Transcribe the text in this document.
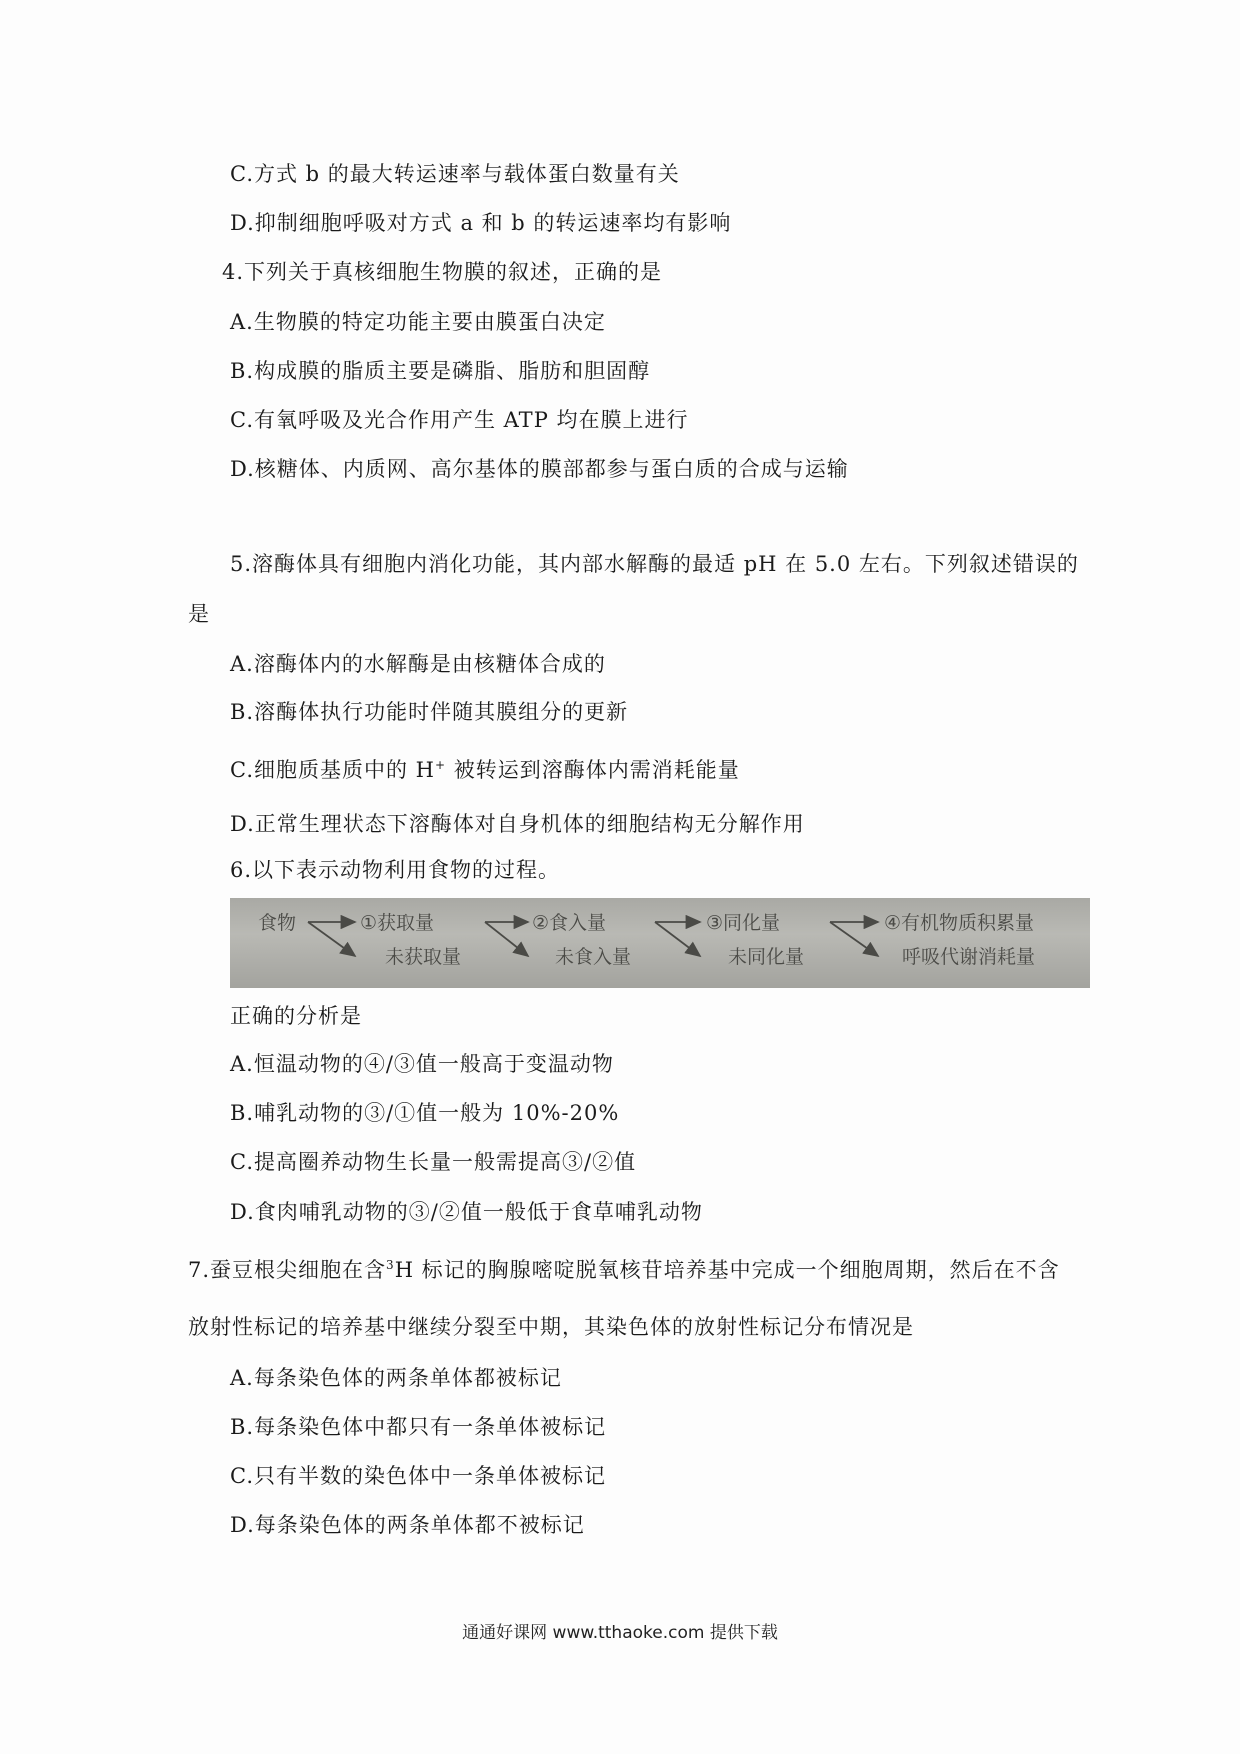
C.方式 b 的最大转运速率与载体蛋白数量有关
D.抑制细胞呼吸对方式 a 和 b 的转运速率均有影响
4.下列关于真核细胞生物膜的叙述，正确的是
A.生物膜的特定功能主要由膜蛋白决定
B.构成膜的脂质主要是磷脂、脂肪和胆固醇
C.有氧呼吸及光合作用产生 ATP 均在膜上进行
D.核糖体、内质网、高尔基体的膜部都参与蛋白质的合成与运输
5.溶酶体具有细胞内消化功能，其内部水解酶的最适 pH 在 5.0 左右。下列叙述错误的
是
A.溶酶体内的水解酶是由核糖体合成的
B.溶酶体执行功能时伴随其膜组分的更新
C.细胞质基质中的 H+ 被转运到溶酶体内需消耗能量
D.正常生理状态下溶酶体对自身机体的细胞结构无分解作用
6.以下表示动物利用食物的过程。
食物	①获取量
未获取量
②食入量
未食入量
③同化量
未同化量
④有机物质积累量
呼吸代谢消耗量
正确的分析是
A.恒温动物的④/③值一般高于变温动物
B.哺乳动物的③/①值一般为 10%-20%
C.提高圈养动物生长量一般需提高③/②值
D.食肉哺乳动物的③/②值一般低于食草哺乳动物
7.蚕豆根尖细胞在含$^3$H 标记的胸腺嘧啶脱氧核苷培养基中完成一个细胞周期，然后在不含
放射性标记的培养基中继续分裂至中期，其染色体的放射性标记分布情况是
A.每条染色体的两条单体都被标记
B.每条染色体中都只有一条单体被标记
C.只有半数的染色体中一条单体被标记
D.每条染色体的两条单体都不被标记
通通好课网 www.tthaoke.com 提供下载
